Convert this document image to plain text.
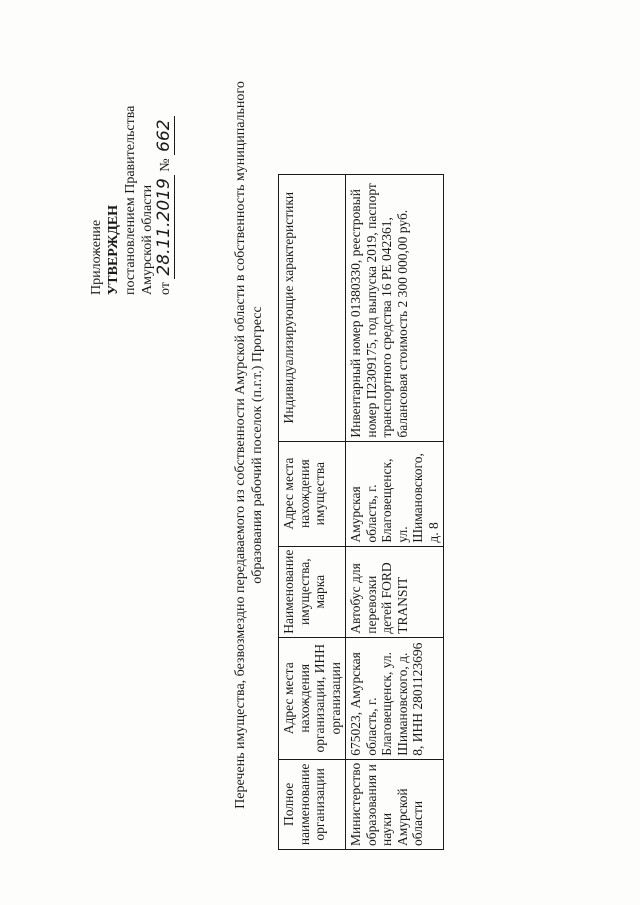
Приложение УТВЕРЖДЕН постановлением Правительства Амурской области от 28.11.2019 № 662	Перечень имущества, безвозмездно передаваемого из собственности Амурской области в собственность муниципального образования рабочий поселок (п.г.т.) Прогресс
Полное наименование организации	Адрес места нахождения организации, ИНН организации	Наименование имущества, марка	Адрес места нахождения имущества	Индивидуализирующие характеристики
Министерство образования и науки Амурской области	675023, Амурская область, г. Благовещенск, ул. Шимановского, д. 8, ИНН 2801123696	Автобус для перевозки детей FORD TRANSIT	Амурская область, г. Благовещенск, ул. Шимановского, д. 8	Инвентарный номер 01380330, реестровый номер П2309175, год выпуска 2019, паспорт транспортного средства 16 РЕ 042361, балансовая стоимость 2 300 000,00 руб.
